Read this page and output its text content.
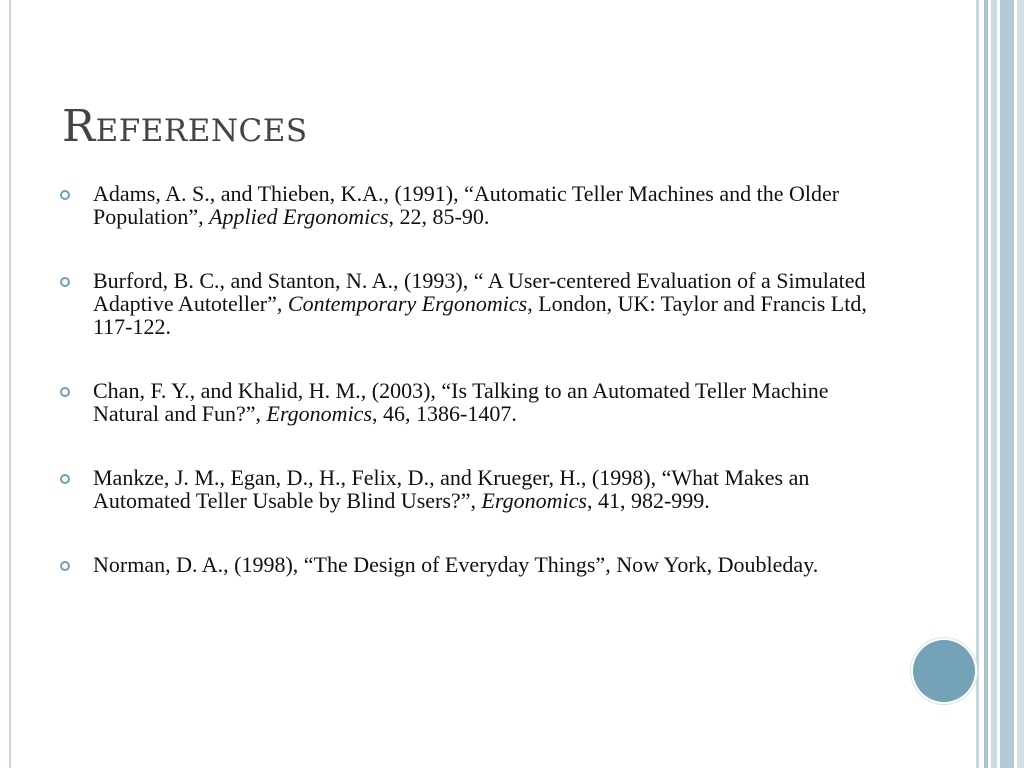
References
Adams, A. S., and Thieben, K.A., (1991), “Automatic Teller Machines and the Older Population”, Applied Ergonomics, 22, 85-90.
Burford, B. C., and Stanton, N. A., (1993), “ A User-centered Evaluation of a Simulated Adaptive Autoteller”, Contemporary Ergonomics, London, UK: Taylor and Francis Ltd, 117-122.
Chan, F. Y., and Khalid, H. M., (2003), “Is Talking to an Automated Teller Machine Natural and Fun?”, Ergonomics, 46, 1386-1407.
Mankze, J. M., Egan, D., H., Felix, D., and Krueger, H., (1998), “What Makes an Automated Teller Usable by Blind Users?”, Ergonomics, 41, 982-999.
Norman, D. A., (1998), “The Design of Everyday Things”, Now York, Doubleday.
